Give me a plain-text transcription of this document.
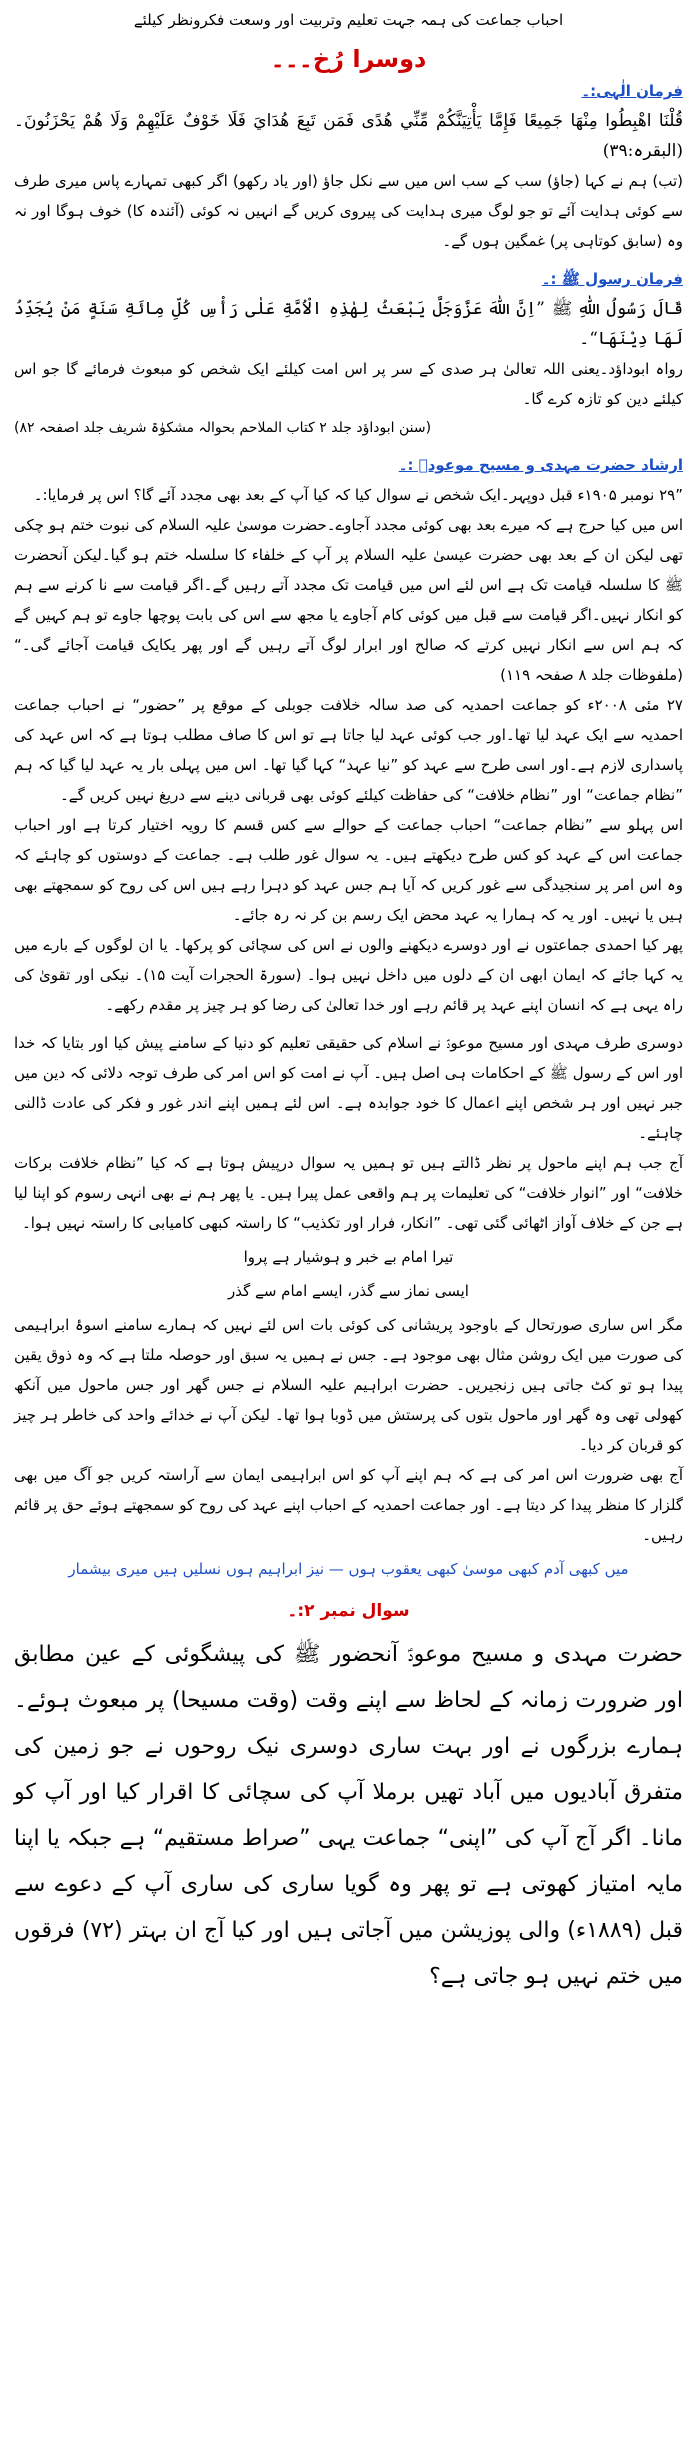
احباب جماعت کی ہمہ جہت تعلیم وتربیت اور وسعت فکرونظر کیلئے
دوسرا رُخ۔۔۔
فرمان الٰہی:۔
قُلْنَا اهْبِطُوا مِنْهَا جَمِيعًا فَإِمَّا يَأْتِيَنَّكُمْ مِّنِّي هُدًى فَمَن تَبِعَ هُدَايَ فَلَا خَوْفٌ عَلَيْهِمْ وَلَا هُمْ يَحْزَنُونَ۔ (البقرہ:۳۹)

(تب) ہم نے کہا (جاؤ) سب کے سب اس میں سے نکل جاؤ (اور یاد رکھو) اگر کبھی تمہارے پاس میری طرف سے کوئی ہدایت آئے تو جو لوگ میری ہدایت کی پیروی کریں گے انہیں نہ کوئی (آئندہ کا) خوف ہوگا اور نہ وہ (سابق کوتاہی پر) غمگین ہوں گے۔

فرمان رسول ﷺ :۔
قَالَ رَسُولُ اللّٰهِ ﷺ ”اِنَّ اللّٰهَ عَزَّوَجَلَّ يَبْعَثُ لِهٰذِهِ الْاُمَّةِ عَلٰى رَأْسِ كُلِّ مِائَةِ سَنَةٍ مَنْ يُجَدِّدُ لَهَا دِيْنَهَا“۔

رواہ ابوداؤد۔یعنی اللہ تعالیٰ ہر صدی کے سر پر اس امت کیلئے ایک شخص کو مبعوث فرمائے گا جو اس کیلئے دین کو تازہ کرے گا۔

(سنن ابوداؤد جلد ۲ کتاب الملاحم بحوالہ مشکوٰۃ شریف جلد اصفحہ ۸۲)
ارشاد حضرت مہدی و مسیح موعودؑ :۔

”۲۹ نومبر ۱۹۰۵ء قبل دوپہر۔ایک شخص نے سوال کیا کہ کیا آپ کے بعد بھی مجدد آئے گا؟ اس پر فرمایا:۔

اس میں کیا حرج ہے کہ میرے بعد بھی کوئی مجدد آجاوے۔حضرت موسیٰ علیہ السلام کی نبوت ختم ہو چکی تھی لیکن ان کے بعد بھی حضرت عیسیٰ علیہ السلام پر آپ کے خلفاء کا سلسلہ ختم ہو گیا۔لیکن آنحضرت ﷺ کا سلسلہ قیامت تک ہے اس لئے اس میں قیامت تک مجدد آتے رہیں گے۔اگر قیامت سے نا کرنے سے ہم کو انکار نہیں۔اگر قیامت سے قبل میں کوئی کام آجاوے یا مجھ سے اس کی بابت پوچھا جاوے تو ہم کہیں گے کہ ہم اس سے انکار نہیں کرتے کہ صالح اور ابرار لوگ آتے رہیں گے اور پھر یکایک قیامت آجائے گی۔“ (ملفوظات جلد ۸ صفحہ ۱۱۹)

۲۷ مئی ۲۰۰۸ء کو جماعت احمدیہ کی صد سالہ خلافت جوبلی کے موقع پر ”حضور“ نے احباب جماعت احمدیہ سے ایک عہد لیا تھا۔اور جب کوئی عہد لیا جاتا ہے تو اس کا صاف مطلب ہوتا ہے کہ اس عہد کی پاسداری لازم ہے۔اور اسی طرح سے عہد کو ”نیا عہد“ کہا گیا تھا۔ اس میں پہلی بار یہ عہد لیا گیا کہ ہم ”نظام جماعت“ اور ”نظام خلافت“ کی حفاظت کیلئے کوئی بھی قربانی دینے سے دریغ نہیں کریں گے۔

اس پہلو سے ”نظام جماعت“ احباب جماعت کے حوالے سے کس قسم کا رویہ اختیار کرتا ہے اور احباب جماعت اس کے عہد کو کس طرح دیکھتے ہیں۔ یہ سوال غور طلب ہے۔ جماعت کے دوستوں کو چاہئے کہ وہ اس امر پر سنجیدگی سے غور کریں کہ آیا ہم جس عہد کو دہرا رہے ہیں اس کی روح کو سمجھتے بھی ہیں یا نہیں۔ اور یہ کہ ہمارا یہ عہد محض ایک رسم بن کر نہ رہ جائے۔

پھر کیا احمدی جماعتوں نے اور دوسرے دیکھنے والوں نے اس کی سچائی کو پرکھا۔ یا ان لوگوں کے بارے میں یہ کہا جائے کہ ایمان ابھی ان کے دلوں میں داخل نہیں ہوا۔ (سورۃ الحجرات آیت ۱۵)۔ نیکی اور تقویٰ کی راہ یہی ہے کہ انسان اپنے عہد پر قائم رہے اور خدا تعالیٰ کی رضا کو ہر چیز پر مقدم رکھے۔

دوسری طرف مہدی اور مسیح موعودؑ نے اسلام کی حقیقی تعلیم کو دنیا کے سامنے پیش کیا اور بتایا کہ خدا اور اس کے رسول ﷺ کے احکامات ہی اصل ہیں۔ آپ نے امت کو اس امر کی طرف توجہ دلائی کہ دین میں جبر نہیں اور ہر شخص اپنے اعمال کا خود جوابدہ ہے۔ اس لئے ہمیں اپنے اندر غور و فکر کی عادت ڈالنی چاہئے۔

آج جب ہم اپنے ماحول پر نظر ڈالتے ہیں تو ہمیں یہ سوال درپیش ہوتا ہے کہ کیا ”نظام خلافت برکات خلافت“ اور ”انوار خلافت“ کی تعلیمات پر ہم واقعی عمل پیرا ہیں۔ یا پھر ہم نے بھی انہی رسوم کو اپنا لیا ہے جن کے خلاف آواز اٹھائی گئی تھی۔ ”انکار، فرار اور تکذیب“ کا راستہ کبھی کامیابی کا راستہ نہیں ہوا۔

تیرا امام بے خبر و ہوشیار ہے پروا
ایسی نماز سے گذر، ایسے امام سے گذر

مگر اس ساری صورتحال کے باوجود پریشانی کی کوئی بات اس لئے نہیں کہ ہمارے سامنے اسوۂ ابراہیمی کی صورت میں ایک روشن مثال بھی موجود ہے۔ جس نے ہمیں یہ سبق اور حوصلہ ملتا ہے کہ وہ ذوق یقین پیدا ہو تو کٹ جاتی ہیں زنجیریں۔ حضرت ابراہیم علیہ السلام نے جس گھر اور جس ماحول میں آنکھ کھولی تھی وہ گھر اور ماحول بتوں کی پرستش میں ڈوبا ہوا تھا۔ لیکن آپ نے خدائے واحد کی خاطر ہر چیز کو قربان کر دیا۔

آج بھی ضرورت اس امر کی ہے کہ ہم اپنے آپ کو اس ابراہیمی ایمان سے آراستہ کریں جو آگ میں بھی گلزار کا منظر پیدا کر دیتا ہے۔ اور جماعت احمدیہ کے احباب اپنے عہد کی روح کو سمجھتے ہوئے حق پر قائم رہیں۔

میں کبھی آدم کبھی موسیٰ کبھی یعقوب ہوں — نیز ابراہیم ہوں نسلیں ہیں میری بیشمار
سوال نمبر ۲:۔

حضرت مہدی و مسیح موعودؑ آنحضور ﷺ کی پیشگوئی کے عین مطابق اور ضرورت زمانہ کے لحاظ سے اپنے وقت (وقت مسیحا) پر مبعوث ہوئے۔ ہمارے بزرگوں نے اور بہت ساری دوسری نیک روحوں نے جو زمین کی متفرق آبادیوں میں آباد تھیں برملا آپ کی سچائی کا اقرار کیا اور آپ کو مانا۔ اگر آج آپ کی ”اپنی“ جماعت یہی ”صراط مستقیم“ ہے جبکہ یا اپنا مایہ امتیاز کھوتی ہے تو پھر وہ گویا ساری کی ساری آپ کے دعوے سے قبل (۱۸۸۹ء) والی پوزیشن میں آجاتی ہیں اور کیا آج ان بہتر (۷۲) فرقوں میں ختم نہیں ہو جاتی ہے؟
